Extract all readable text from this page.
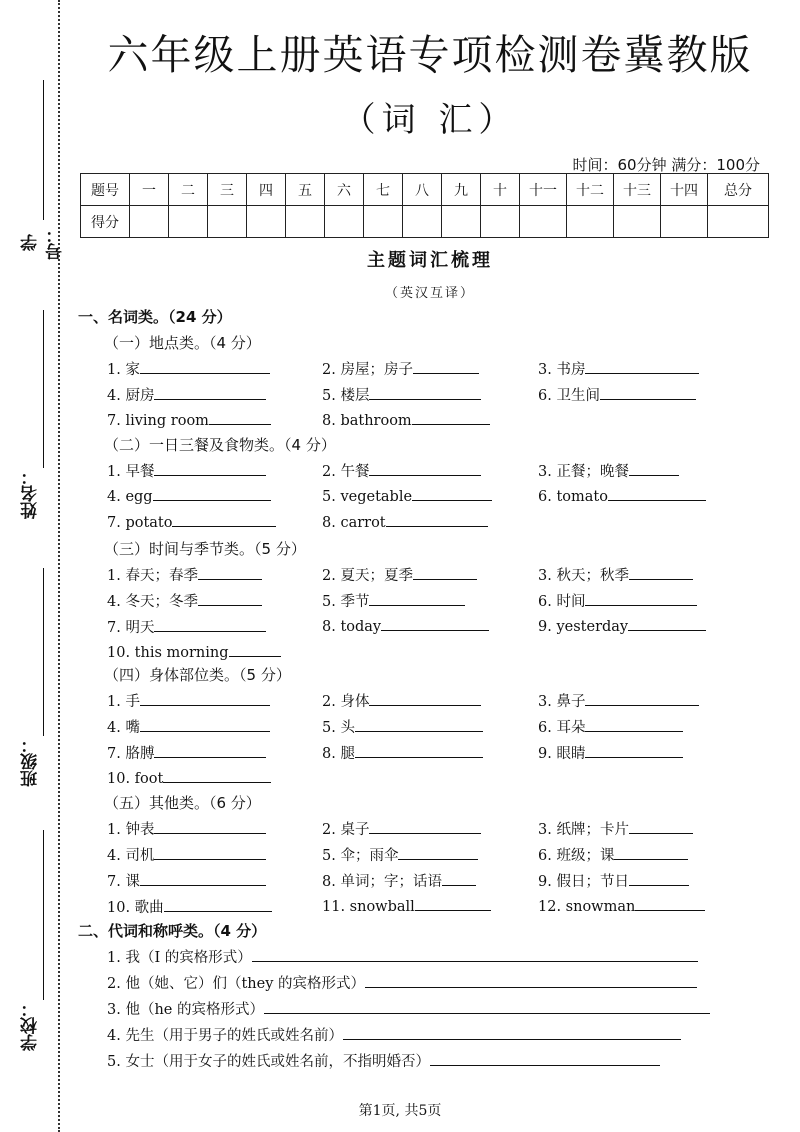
学号：
姓名：
班级：
学校：
六年级上册英语专项检测卷冀教版
（词 汇）
时间：60分钟 满分：100分
题号	一	二	三	四	五	六	七	八	九	十	十一	十二	十三	十四	总分
得分															
主题词汇梳理
（英汉互译）
一、名词类。（24 分）
（一）地点类。（4 分）
1. 家	2. 房屋；房子	3. 书房
4. 厨房	5. 楼层	6. 卫生间
7. living room	8. bathroom
（二）一日三餐及食物类。（4 分）
1. 早餐	2. 午餐	3. 正餐；晚餐
4. egg	5. vegetable	6. tomato
7. potato	8. carrot
（三）时间与季节类。（5 分）
1. 春天；春季	2. 夏天；夏季	3. 秋天；秋季
4. 冬天；冬季	5. 季节	6. 时间
7. 明天	8. today	9. yesterday
10. this morning
（四）身体部位类。（5 分）
1. 手	2. 身体	3. 鼻子
4. 嘴	5. 头	6. 耳朵
7. 胳膊	8. 腿	9. 眼睛
10. foot
（五）其他类。（6 分）
1. 钟表	2. 桌子	3. 纸牌；卡片
4. 司机	5. 伞；雨伞	6. 班级；课
7. 课	8. 单词；字；话语	9. 假日；节日
10. 歌曲	11. snowball	12. snowman
二、代词和称呼类。（4 分）
1. 我（I 的宾格形式）
2. 他（她、它）们（they 的宾格形式）
3. 他（he 的宾格形式）
4. 先生（用于男子的姓氏或姓名前）
5. 女士（用于女子的姓氏或姓名前，不指明婚否）
第1页, 共5页
